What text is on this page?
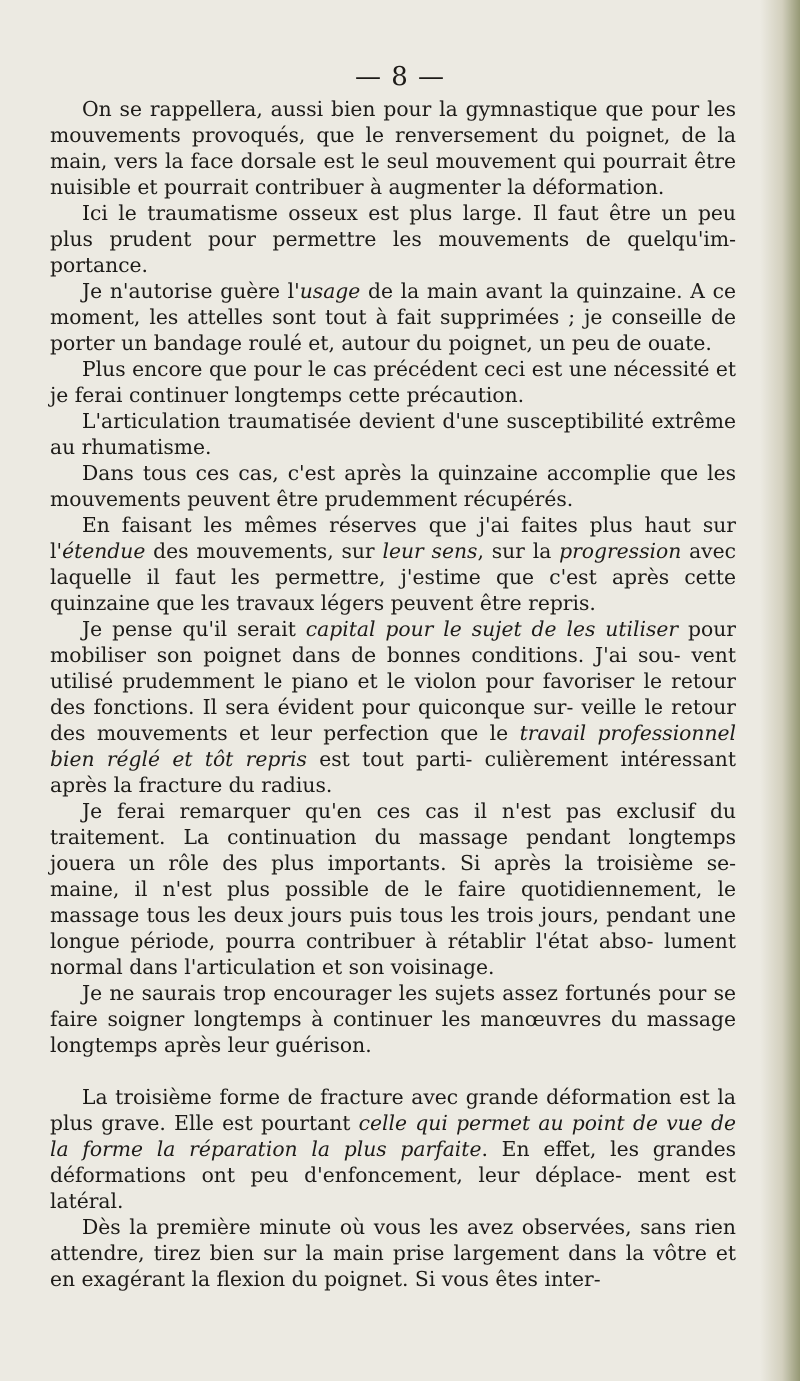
— 8 —

On se rappellera, aussi bien pour la gymnastique que pour les mouvements provoqués, que le renversement du poignet, de la main, vers la face dorsale est le seul mouvement qui pourrait être nuisible et pourrait contribuer à augmenter la déformation.

Ici le traumatisme osseux est plus large. Il faut être un peu plus prudent pour permettre les mouvements de quelqu'im- portance.

Je n'autorise guère l'usage de la main avant la quinzaine. A ce moment, les attelles sont tout à fait supprimées ; je conseille de porter un bandage roulé et, autour du poignet, un peu de ouate.

Plus encore que pour le cas précédent ceci est une nécessité et je ferai continuer longtemps cette précaution.

L'articulation traumatisée devient d'une susceptibilité extrême au rhumatisme.

Dans tous ces cas, c'est après la quinzaine accomplie que les mouvements peuvent être prudemment récupérés.

En faisant les mêmes réserves que j'ai faites plus haut sur l'étendue des mouvements, sur leur sens, sur la progression avec laquelle il faut les permettre, j'estime que c'est après cette quinzaine que les travaux légers peuvent être repris.

Je pense qu'il serait capital pour le sujet de les utiliser pour mobiliser son poignet dans de bonnes conditions. J'ai sou- vent utilisé prudemment le piano et le violon pour favoriser le retour des fonctions. Il sera évident pour quiconque sur- veille le retour des mouvements et leur perfection que le travail professionnel bien réglé et tôt repris est tout parti- culièrement intéressant après la fracture du radius.

Je ferai remarquer qu'en ces cas il n'est pas exclusif du traitement. La continuation du massage pendant longtemps jouera un rôle des plus importants. Si après la troisième se- maine, il n'est plus possible de le faire quotidiennement, le massage tous les deux jours puis tous les trois jours, pendant une longue période, pourra contribuer à rétablir l'état abso- lument normal dans l'articulation et son voisinage.

Je ne saurais trop encourager les sujets assez fortunés pour se faire soigner longtemps à continuer les manœuvres du massage longtemps après leur guérison.

La troisième forme de fracture avec grande déformation est la plus grave. Elle est pourtant celle qui permet au point de vue de la forme la réparation la plus parfaite. En effet, les grandes déformations ont peu d'enfoncement, leur déplace- ment est latéral.

Dès la première minute où vous les avez observées, sans rien attendre, tirez bien sur la main prise largement dans la vôtre et en exagérant la flexion du poignet. Si vous êtes inter-
